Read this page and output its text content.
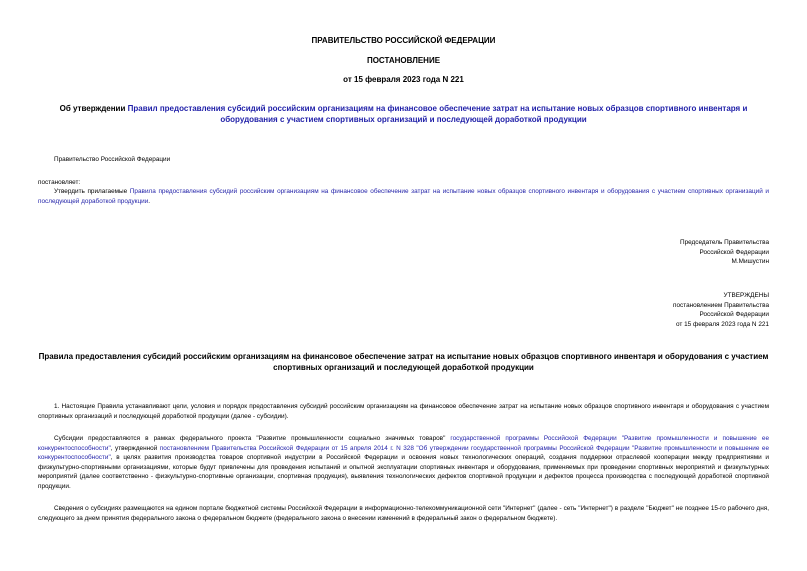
ПРАВИТЕЛЬСТВО РОССИЙСКОЙ ФЕДЕРАЦИИ
ПОСТАНОВЛЕНИЕ
от 15 февраля 2023 года N 221
Об утверждении Правил предоставления субсидий российским организациям на финансовое обеспечение затрат на испытание новых образцов спортивного инвентаря и оборудования с участием спортивных организаций и последующей доработкой продукции
Правительство Российской Федерации
постановляет:
Утвердить прилагаемые Правила предоставления субсидий российским организациям на финансовое обеспечение затрат на испытание новых образцов спортивного инвентаря и оборудования с участием спортивных организаций и последующей доработкой продукции.
Председатель Правительства
Российской Федерации
М.Мишустин
УТВЕРЖДЕНЫ
постановлением Правительства
Российской Федерации
от 15 февраля 2023 года N 221
Правила предоставления субсидий российским организациям на финансовое обеспечение затрат на испытание новых образцов спортивного инвентаря и оборудования с участием спортивных организаций и последующей доработкой продукции
1. Настоящие Правила устанавливают цели, условия и порядок предоставления субсидий российским организациям на финансовое обеспечение затрат на испытание новых образцов спортивного инвентаря и оборудования с участием спортивных организаций и последующей доработкой продукции (далее - субсидии).
Субсидии предоставляются в рамках федерального проекта "Развитие промышленности социально значимых товаров" государственной программы Российской Федерации "Развитие промышленности и повышение ее конкурентоспособности", утвержденной постановлением Правительства Российской Федерации от 15 апреля 2014 г. N 328 "Об утверждении государственной программы Российской Федерации "Развитие промышленности и повышение ее конкурентоспособности", в целях развития производства товаров спортивной индустрии в Российской Федерации и освоения новых технологических операций, создания поддержки отраслевой кооперации между предприятиями и физкультурно-спортивными организациями, которые будут привлечены для проведения испытаний и опытной эксплуатации спортивных инвентаря и оборудования, применяемых при проведении спортивных мероприятий и физкультурных мероприятий (далее соответственно - физкультурно-спортивные организации, спортивная продукция), выявления технологических дефектов спортивной продукции и дефектов процесса производства с последующей доработкой спортивной продукции.
Сведения о субсидиях размещаются на едином портале бюджетной системы Российской Федерации в информационно-телекоммуникационной сети "Интернет" (далее - сеть "Интернет") в разделе "Бюджет" не позднее 15-го рабочего дня, следующего за днем принятия федерального закона о федеральном бюджете (федерального закона о внесении изменений в федеральный закон о федеральном бюджете).
